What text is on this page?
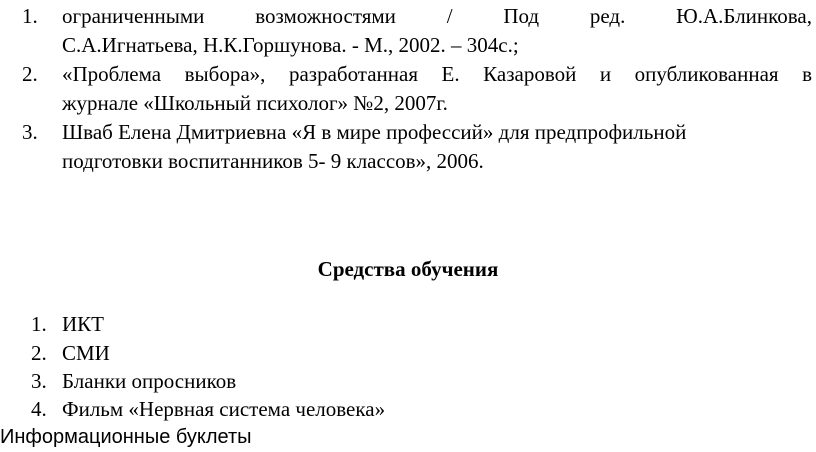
1.	ограниченными возможностями / Под ред. Ю.А.Блинкова,
С.А.Игнатьева, Н.К.Горшунова. - М., 2002. – 304с.;
2.	«Проблема выбора», разработанная Е. Казаровой и опубликованная в
журнале «Школьный психолог» №2, 2007г.
3.	Шваб Елена Дмитриевна «Я в мире профессий» для предпрофильной
подготовки воспитанников 5- 9 классов», 2006.
Средства обучения
1. ИКТ
2. СМИ
3. Бланки опросников
4. Фильм «Нервная система человека»
Информационные буклеты
